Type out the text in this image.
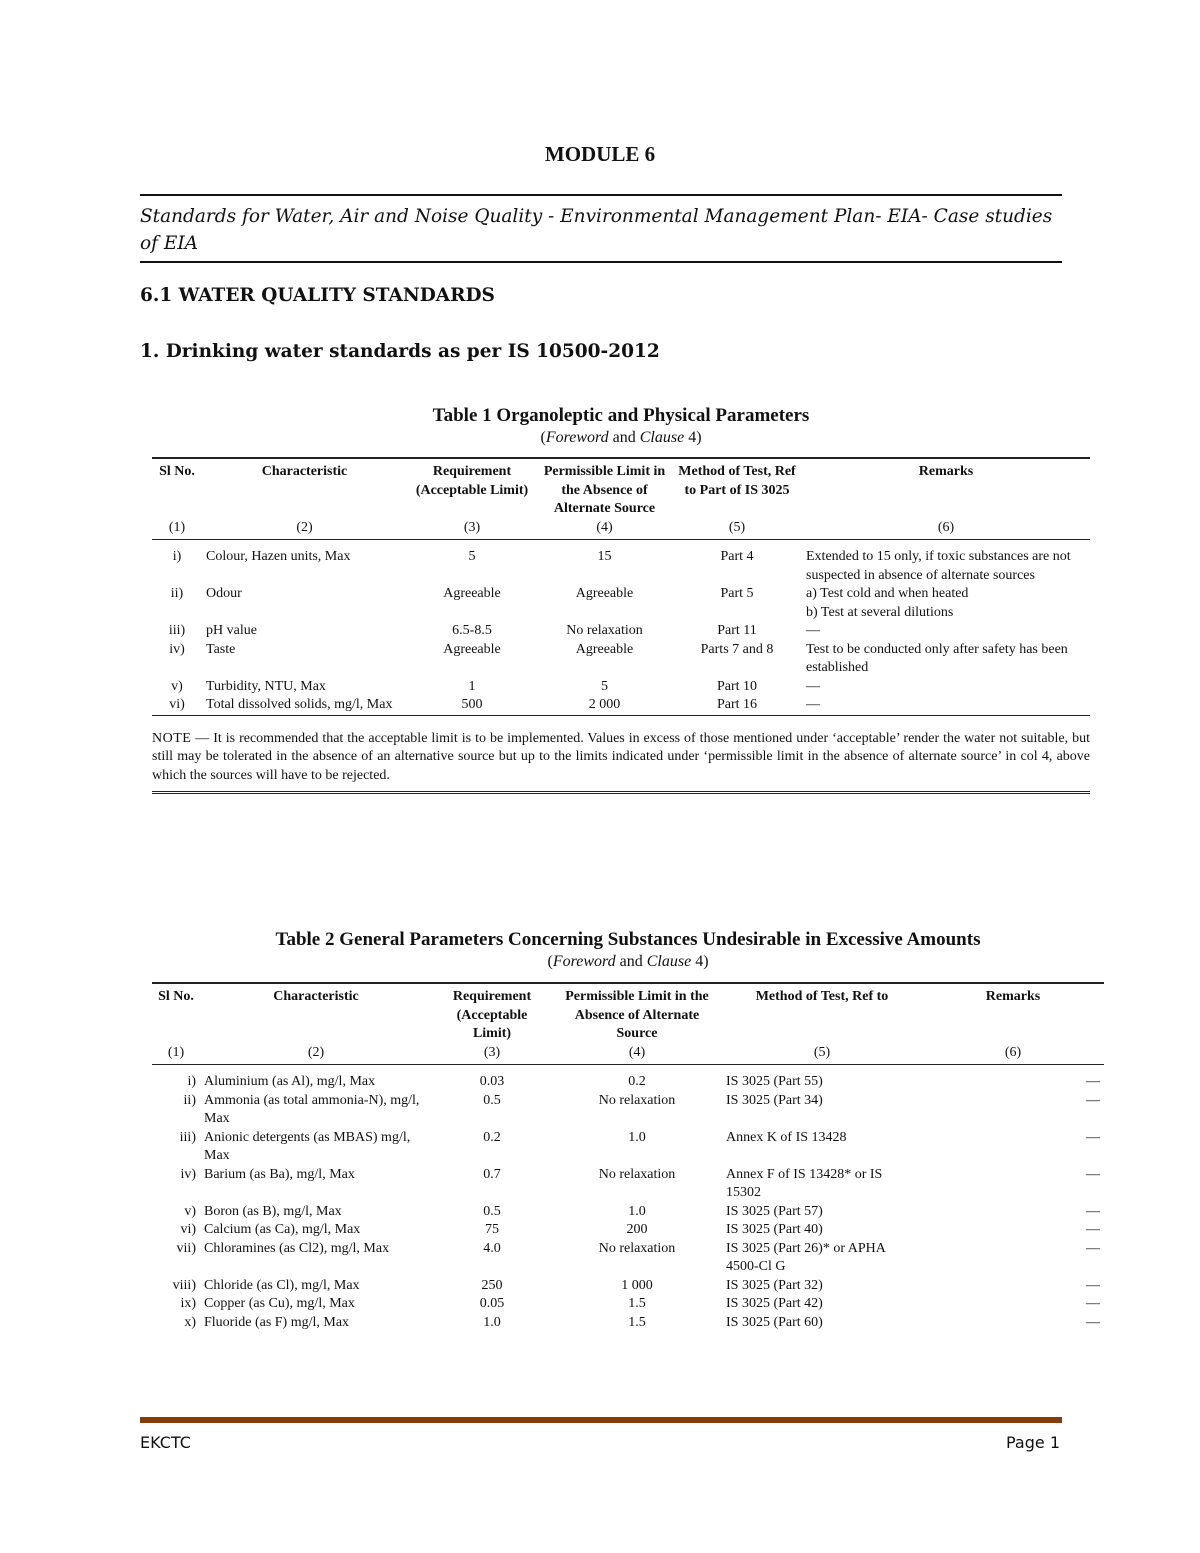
MODULE 6
Standards for Water, Air and Noise Quality - Environmental Management Plan- EIA- Case studies of EIA
6.1 WATER QUALITY STANDARDS
1. Drinking water standards as per IS 10500-2012
Table 1 Organoleptic and Physical Parameters
(Foreword and Clause 4)
Sl No.	Characteristic	Requirement (Acceptable Limit)	Permissible Limit in the Absence of Alternate Source	Method of Test, Ref to Part of IS 3025	Remarks
(1)	(2)	(3)	(4)	(5)	(6)
i)	Colour, Hazen units, Max	5	15	Part 4	Extended to 15 only, if toxic substances are not suspected in absence of alternate sources
ii)	Odour	Agreeable	Agreeable	Part 5	a) Test cold and when heated
b) Test at several dilutions
iii)	pH value	6.5-8.5	No relaxation	Part 11	—
iv)	Taste	Agreeable	Agreeable	Parts 7 and 8	Test to be conducted only after safety has been established
v)	Turbidity, NTU, Max	1	5	Part 10	—
vi)	Total dissolved solids, mg/l, Max	500	2 000	Part 16	—
NOTE — It is recommended that the acceptable limit is to be implemented. Values in excess of those mentioned under ‘acceptable’ render the water not suitable, but still may be tolerated in the absence of an alternative source but up to the limits indicated under ‘permissible limit in the absence of alternate source’ in col 4, above which the sources will have to be rejected.
Table 2 General Parameters Concerning Substances Undesirable in Excessive Amounts
(Foreword and Clause 4)
Sl No.	Characteristic	Requirement (Acceptable Limit)	Permissible Limit in the Absence of Alternate Source	Method of Test, Ref to	Remarks
(1)	(2)	(3)	(4)	(5)	(6)
i)	Aluminium (as Al), mg/l, Max	0.03	0.2	IS 3025 (Part 55)	—
ii)	Ammonia (as total ammonia-N), mg/l, Max	0.5	No relaxation	IS 3025 (Part 34)	—
iii)	Anionic detergents (as MBAS) mg/l, Max	0.2	1.0	Annex K of IS 13428	—
iv)	Barium (as Ba), mg/l, Max	0.7	No relaxation	Annex F of IS 13428* or IS 15302	—
v)	Boron (as B), mg/l, Max	0.5	1.0	IS 3025 (Part 57)	—
vi)	Calcium (as Ca), mg/l, Max	75	200	IS 3025 (Part 40)	—
vii)	Chloramines (as Cl2), mg/l, Max	4.0	No relaxation	IS 3025 (Part 26)* or APHA 4500-Cl G	—
viii)	Chloride (as Cl), mg/l, Max	250	1 000	IS 3025 (Part 32)	—
ix)	Copper (as Cu), mg/l, Max	0.05	1.5	IS 3025 (Part 42)	—
x)	Fluoride (as F) mg/l, Max	1.0	1.5	IS 3025 (Part 60)	—
EKCTC	Page 1
